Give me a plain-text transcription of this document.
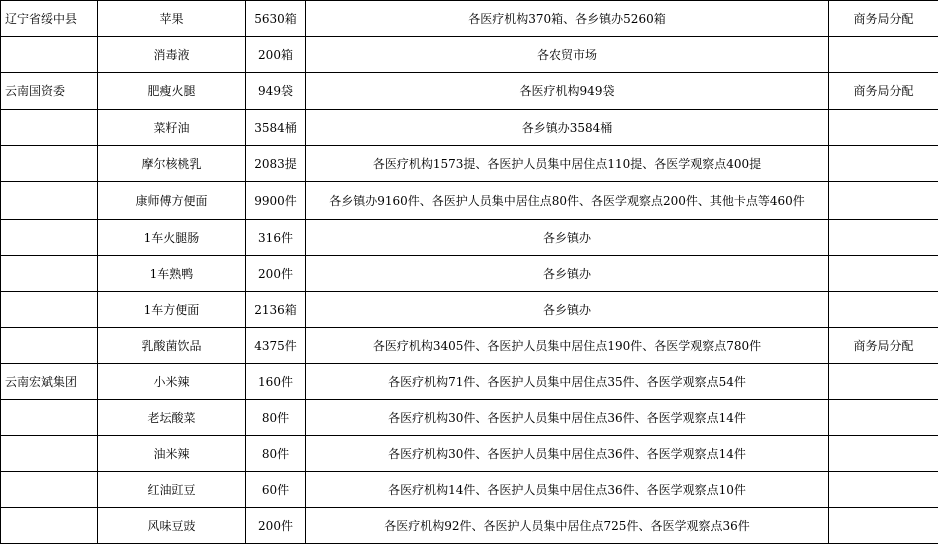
辽宁省绥中县	苹果	5630箱	各医疗机构370箱、各乡镇办5260箱	商务局分配
	消毒液	200箱	各农贸市场	
云南国资委	肥瘦火腿	949袋	各医疗机构949袋	商务局分配
	菜籽油	3584桶	各乡镇办3584桶	
	摩尔核桃乳	2083提	各医疗机构1573提、各医护人员集中居住点110提、各医学观察点400提	
	康师傅方便面	9900件	各乡镇办9160件、各医护人员集中居住点80件、各医学观察点200件、其他卡点等460件	
	1车火腿肠	316件	各乡镇办	
	1车熟鸭	200件	各乡镇办	
	1车方便面	2136箱	各乡镇办	
	乳酸菌饮品	4375件	各医疗机构3405件、各医护人员集中居住点190件、各医学观察点780件	商务局分配
云南宏斌集团	小米辣	160件	各医疗机构71件、各医护人员集中居住点35件、各医学观察点54件	
	老坛酸菜	80件	各医疗机构30件、各医护人员集中居住点36件、各医学观察点14件	
	油米辣	80件	各医疗机构30件、各医护人员集中居住点36件、各医学观察点14件	
	红油豇豆	60件	各医疗机构14件、各医护人员集中居住点36件、各医学观察点10件	
	风味豆豉	200件	各医疗机构92件、各医护人员集中居住点725件、各医学观察点36件	
